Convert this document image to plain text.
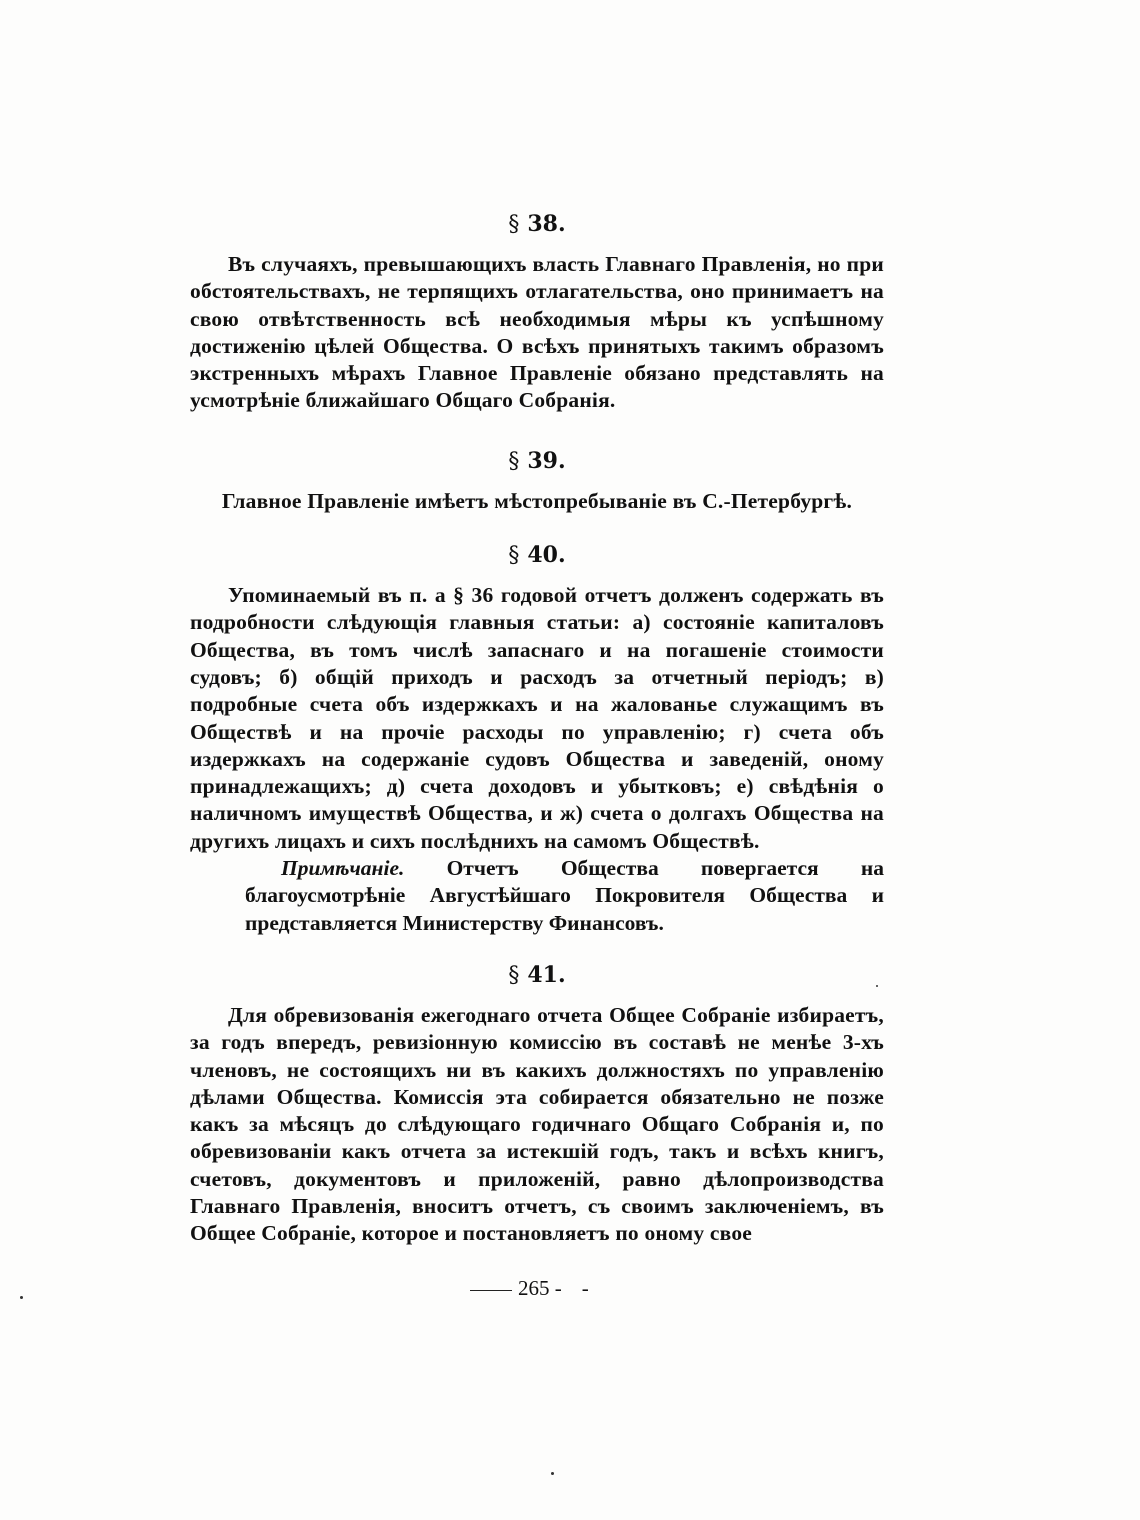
§ 38.

Въ случаяхъ, превышающихъ власть Главнаго Правленія, но при обстоятельствахъ, не терпящихъ отлагательства, оно принимаетъ на свою отвѣтственность всѣ необходимыя мѣры къ успѣшному достиженію цѣлей Общества. О всѣхъ принятыхъ такимъ образомъ экстренныхъ мѣрахъ Главное Правленіе обязано представлять на усмотрѣніе ближайшаго Общаго Собранія.

§ 39.

Главное Правленіе имѣетъ мѣстопребываніе въ С.-Петербургѣ.

§ 40.

Упоминаемый въ п. а § 36 годовой отчетъ долженъ содержать въ подробности слѣдующія главныя статьи: а) состояніе капиталовъ Общества, въ томъ числѣ запаснаго и на погашеніе стоимости судовъ; б) общій приходъ и расходъ за отчетный періодъ; в) подробные счета объ издержкахъ и на жалованье служащимъ въ Обществѣ и на прочіе расходы по управленію; г) счета объ издержкахъ на содержаніе судовъ Общества и заведеній, оному принадлежащихъ; д) счета доходовъ и убытковъ; е) свѣдѣнія о наличномъ имуществѣ Общества, и ж) счета о долгахъ Общества на другихъ лицахъ и сихъ послѣднихъ на самомъ Обществѣ.

Примѣчаніе. Отчетъ Общества повергается на благоусмотрѣніе Августѣйшаго Покровителя Общества и представляется Министерству Финансовъ.

§ 41.

Для обревизованія ежегоднаго отчета Общее Собраніе избираетъ, за годъ впередъ, ревизіонную комиссію въ составѣ не менѣе 3-хъ членовъ, не состоящихъ ни въ какихъ должностяхъ по управленію дѣлами Общества. Комиссія эта собирается обязательно не позже какъ за мѣсяцъ до слѣдующаго годичнаго Общаго Собранія и, по обревизованіи какъ отчета за истекшій годъ, такъ и всѣхъ книгъ, счетовъ, документовъ и приложеній, равно дѣлопроизводства Главнаго Правленія, вноситъ отчетъ, съ своимъ заключеніемъ, въ Общее Собраніе, которое и постановляетъ по оному свое

265 - -
